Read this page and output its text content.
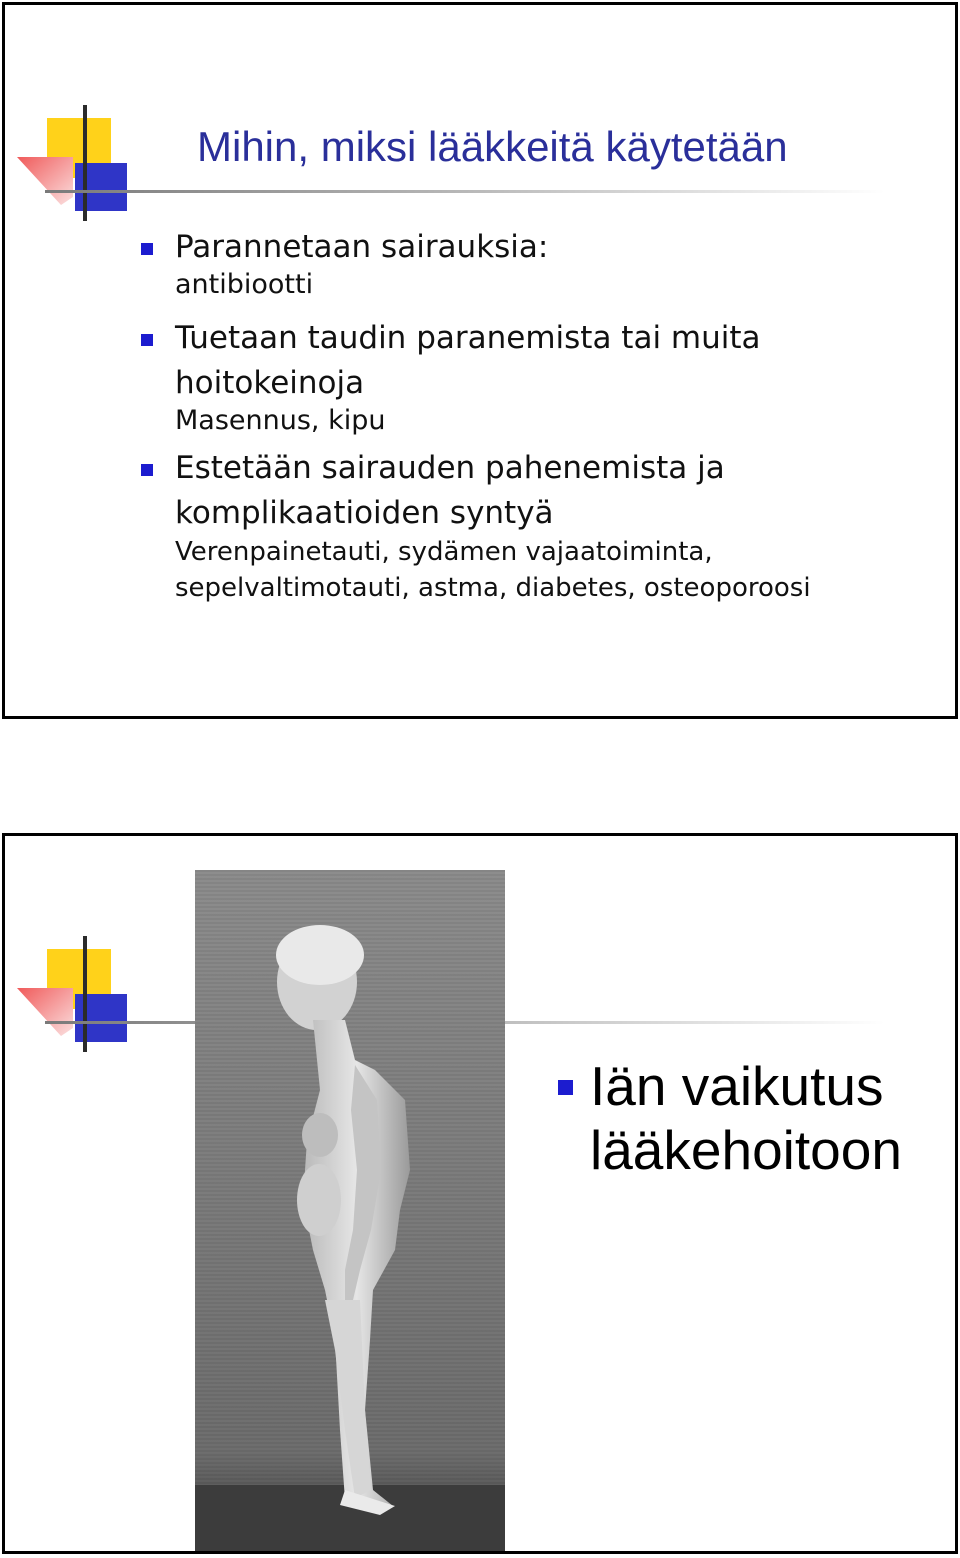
Mihin, miksi lääkkeitä käytetään
Parannetaan sairauksia:
antibiootti
Tuetaan taudin paranemista tai muita hoitokeinoja
Masennus, kipu
Estetään sairauden pahenemista ja komplikaatioiden syntyä
Verenpainetauti, sydämen vajaatoiminta, sepelvaltimotauti, astma, diabetes, osteoporoosi
Iän vaikutus
lääkehoitoon
